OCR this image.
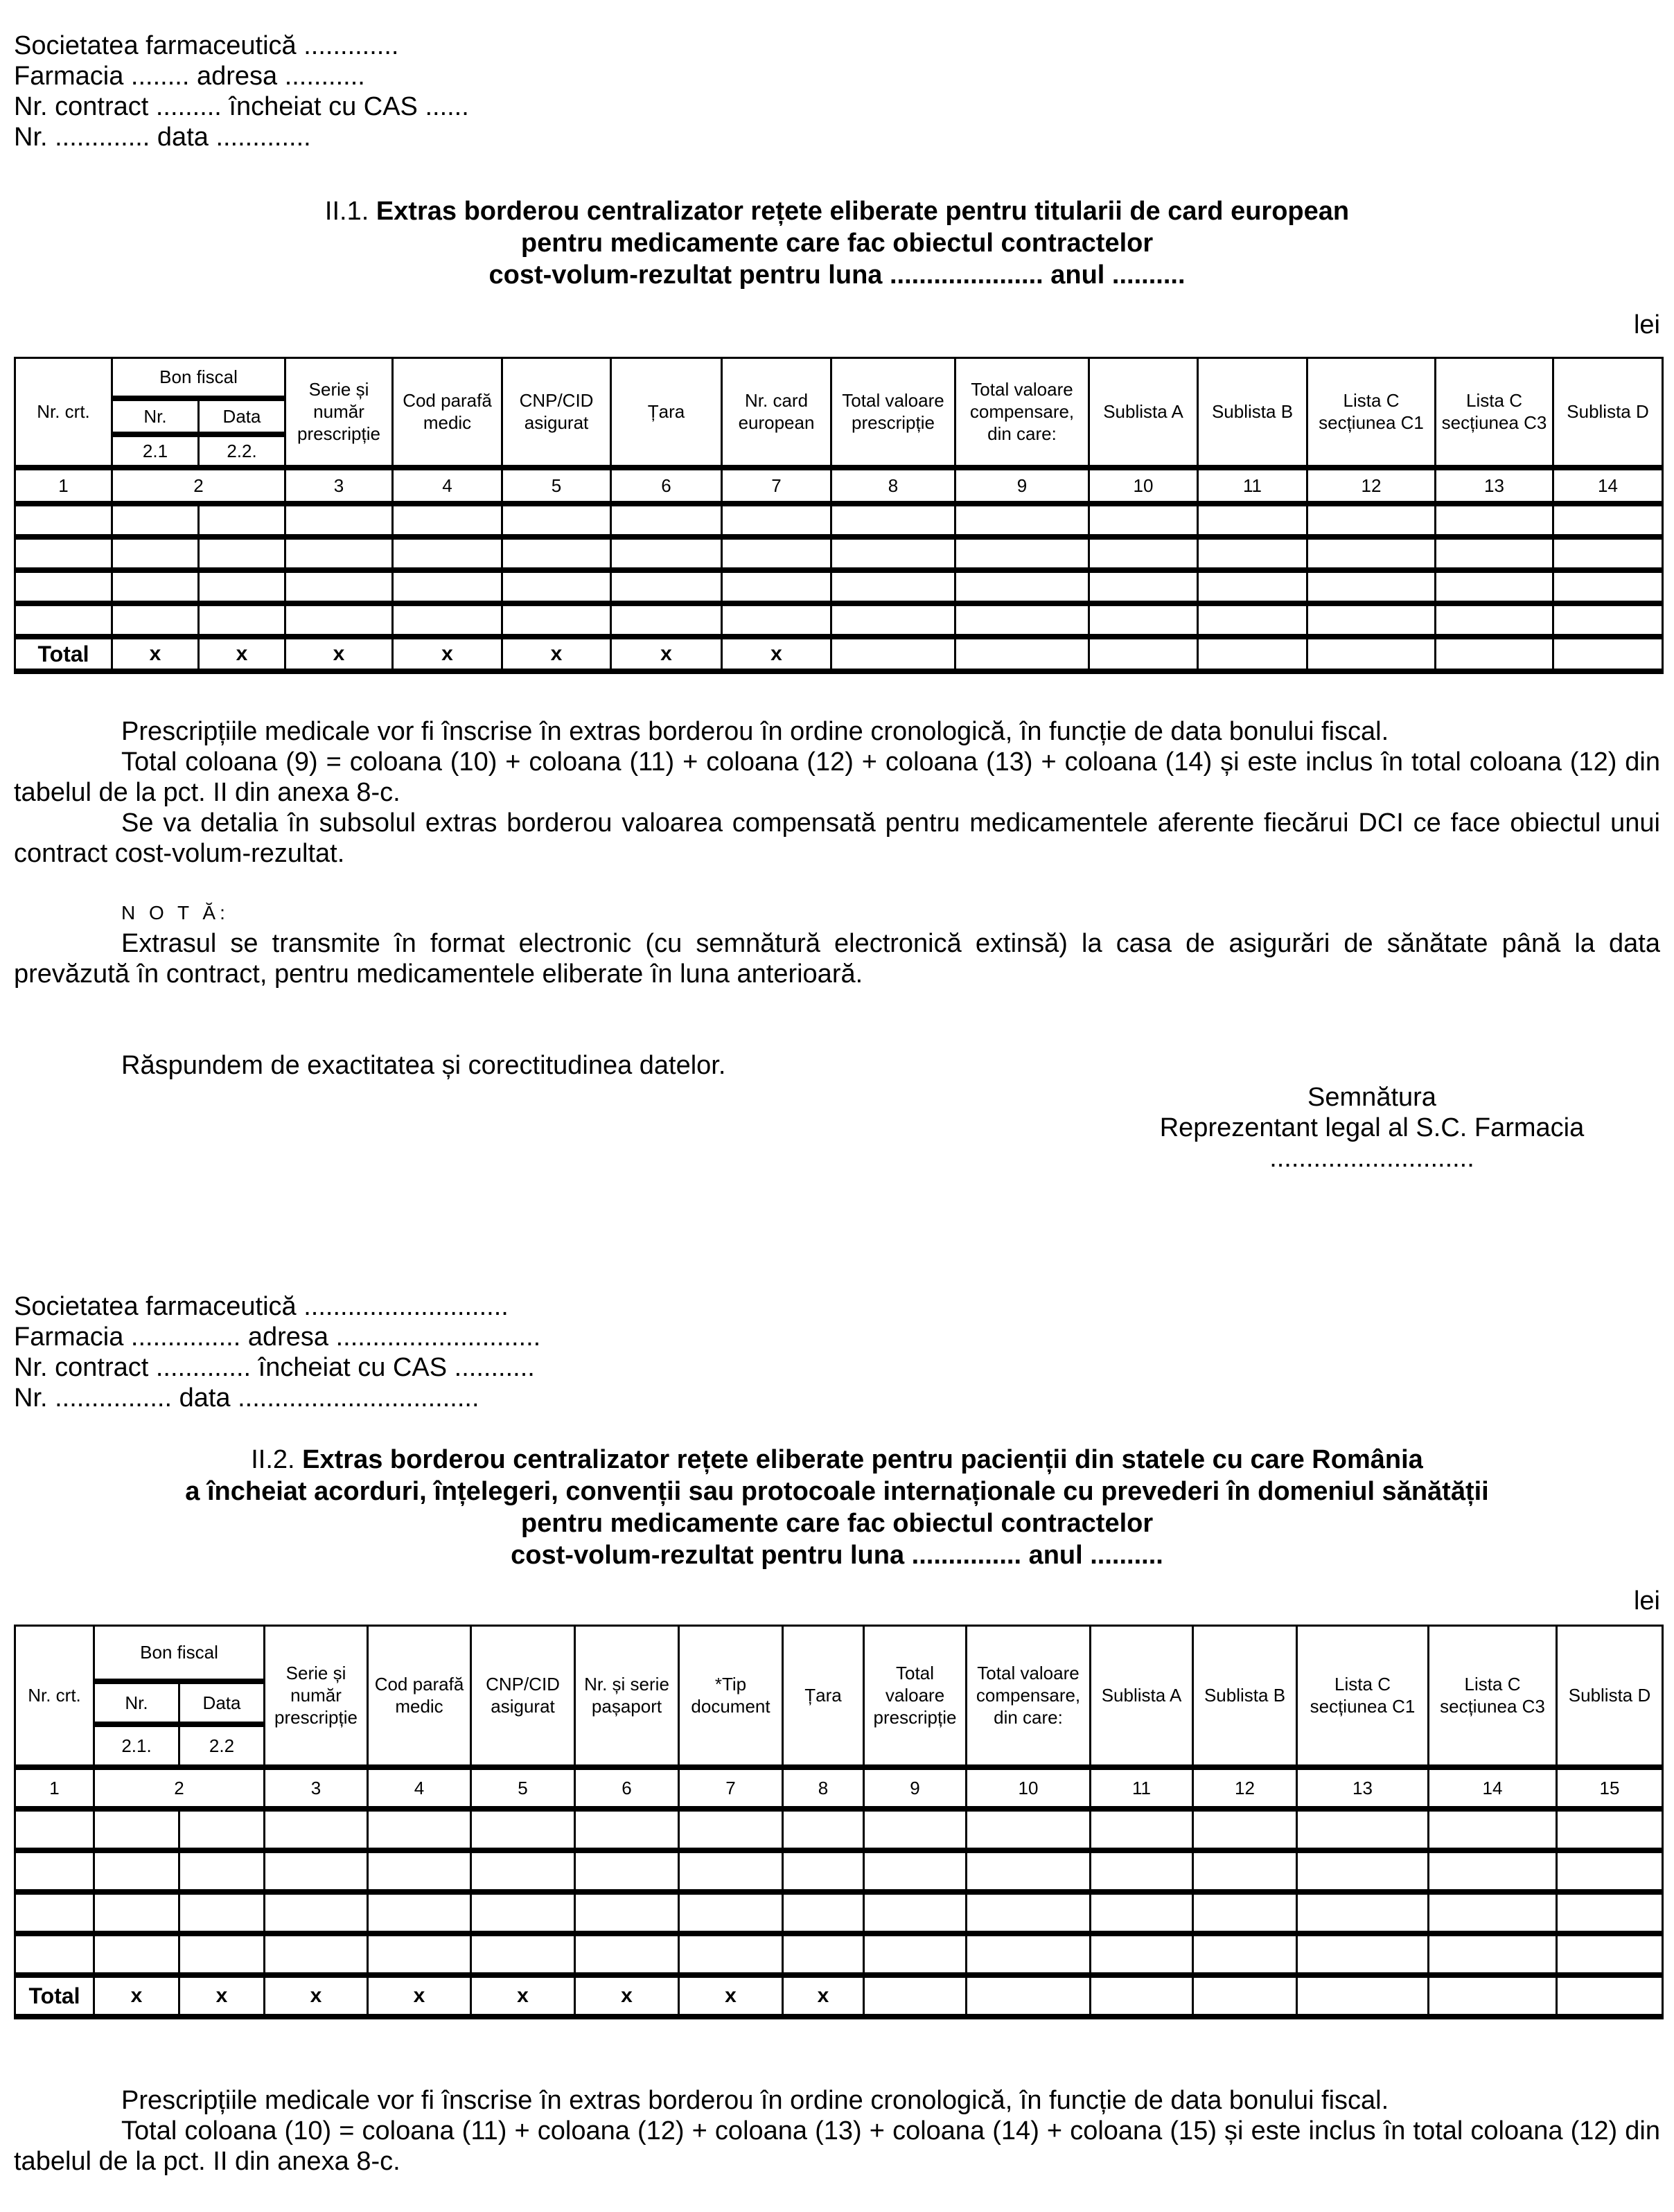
Societatea farmaceutică .............
Farmacia ........ adresa ...........
Nr. contract ......... încheiat cu CAS ......
Nr. ............. data .............
II.1. Extras borderou centralizator rețete eliberate pentru titularii de card european
pentru medicamente care fac obiectul contractelor
cost-volum-rezultat pentru luna ..................... anul ..........
lei
Nr. crt.	Bon fiscal		Serie și număr prescripție	Cod parafă medic	CNP/CID asigurat	Țara	Nr. card european	Total valoare prescripție	Total valoare compensare, din care:	Sublista A	Sublista B	Lista C secțiunea C1	Lista C secțiunea C3	Sublista D
	Nr.	Data												
	2.1	2.2.												
1	2		3	4	5	6	7	8	9	10	11	12	13	14

Total	x	x	x	x	x	x	x							
Prescripțiile medicale vor fi înscrise în extras borderou în ordine cronologică, în funcție de data bonului fiscal.
Total coloana (9) = coloana (10) + coloana (11) + coloana (12) + coloana (13) + coloana (14) și este inclus în total coloana (12) din tabelul de la pct. II din anexa 8-c.
Se va detalia în subsolul extras borderou valoarea compensată pentru medicamentele aferente fiecărui DCI ce face obiectul unui contract cost-volum-rezultat.
N O T Ă:
Extrasul se transmite în format electronic (cu semnătură electronică extinsă) la casa de asigurări de sănătate până la data prevăzută în contract, pentru medicamentele eliberate în luna anterioară.
Răspundem de exactitatea și corectitudinea datelor.
Semnătura
Reprezentant legal al S.C. Farmacia
............................
Societatea farmaceutică ............................
Farmacia ............... adresa ............................
Nr. contract ............. încheiat cu CAS ...........
Nr. ................ data .................................
II.2. Extras borderou centralizator rețete eliberate pentru pacienții din statele cu care România
a încheiat acorduri, înțelegeri, convenții sau protocoale internaționale cu prevederi în domeniul sănătății
pentru medicamente care fac obiectul contractelor
cost-volum-rezultat pentru luna ............... anul ..........
lei
Nr. crt.	Bon fiscal		Serie și număr prescripție	Cod parafă medic	CNP/CID asigurat	Nr. și serie pașaport	*Tip document	Țara	Total valoare prescripție	Total valoare compensare, din care:	Sublista A	Sublista B	Lista C secțiunea C1	Lista C secțiunea C3	Sublista D
	Nr.	Data													
	2.1.	2.2													
1	2		3	4	5	6	7	8	9	10	11	12	13	14	15

Total	x	x	x	x	x	x	x	x							
Prescripțiile medicale vor fi înscrise în extras borderou în ordine cronologică, în funcție de data bonului fiscal.
Total coloana (10) = coloana (11) + coloana (12) + coloana (13) + coloana (14) + coloana (15) și este inclus în total coloana (12) din tabelul de la pct. II din anexa 8-c.
